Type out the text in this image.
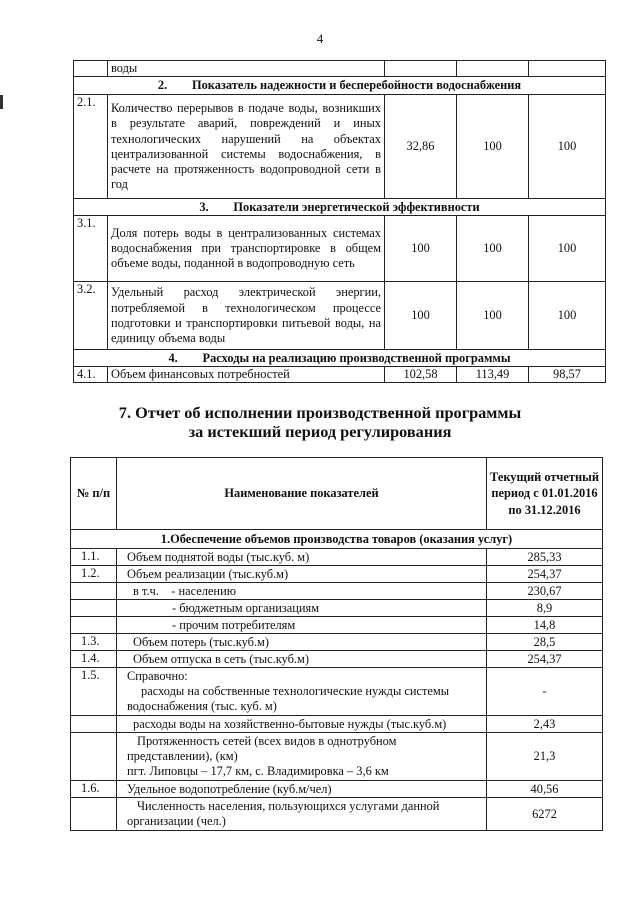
4
	воды			
2. Показатель надежности и бесперебойности водоснабжения				
2.1.	Количество перерывов в подаче воды, возникших в результате аварий, повреждений и иных технологических нарушений на объектах централизованной системы водоснабжения, в расчете на протяженность водопроводной сети в год	32,86	100	100
3. Показатели энергетической эффективности				
3.1.	Доля потерь воды в централизованных системах водоснабжения при транспортировке в общем объеме воды, поданной в водопроводную сеть	100	100	100
3.2.	Удельный расход электрической энергии, потребляемой в технологическом процессе подготовки и транспортировки питьевой воды, на единицу объема воды	100	100	100
4. Расходы на реализацию производственной программы				
4.1.	Объем финансовых потребностей	102,58	113,49	98,57
7. Отчет об исполнении производственной программы
за истекший период регулирования
№ п/п	Наименование показателей	Текущий отчетный период с 01.01.2016 по 31.12.2016
1.Обеспечение объемов производства товаров (оказания услуг)		
1.1.	Объем поднятой воды (тыс.куб. м)	285,33
1.2.	Объем реализации (тыс.куб.м)	254,37
	в т.ч.    - населению	230,67
	- бюджетным организациям	8,9
	- прочим потребителям	14,8
1.3.	Объем потерь (тыс.куб.м)	28,5
1.4.	Объем отпуска в сеть (тыс.куб.м)	254,37
1.5.	Справочно:
расходы на собственные технологические нужды системы водоснабжения (тыс. куб. м)	-
	расходы воды на хозяйственно-бытовые нужды (тыс.куб.м)	2,43

	Протяженность сетей (всех видов в однотрубном представлении), (км)
пгт. Липовцы – 17,7 км, с. Владимировка – 3,6 км	21,3
1.6.	Удельное водопотребление (куб.м/чел)	40,56
	Численность населения, пользующихся услугами данной организации (чел.)	6272
